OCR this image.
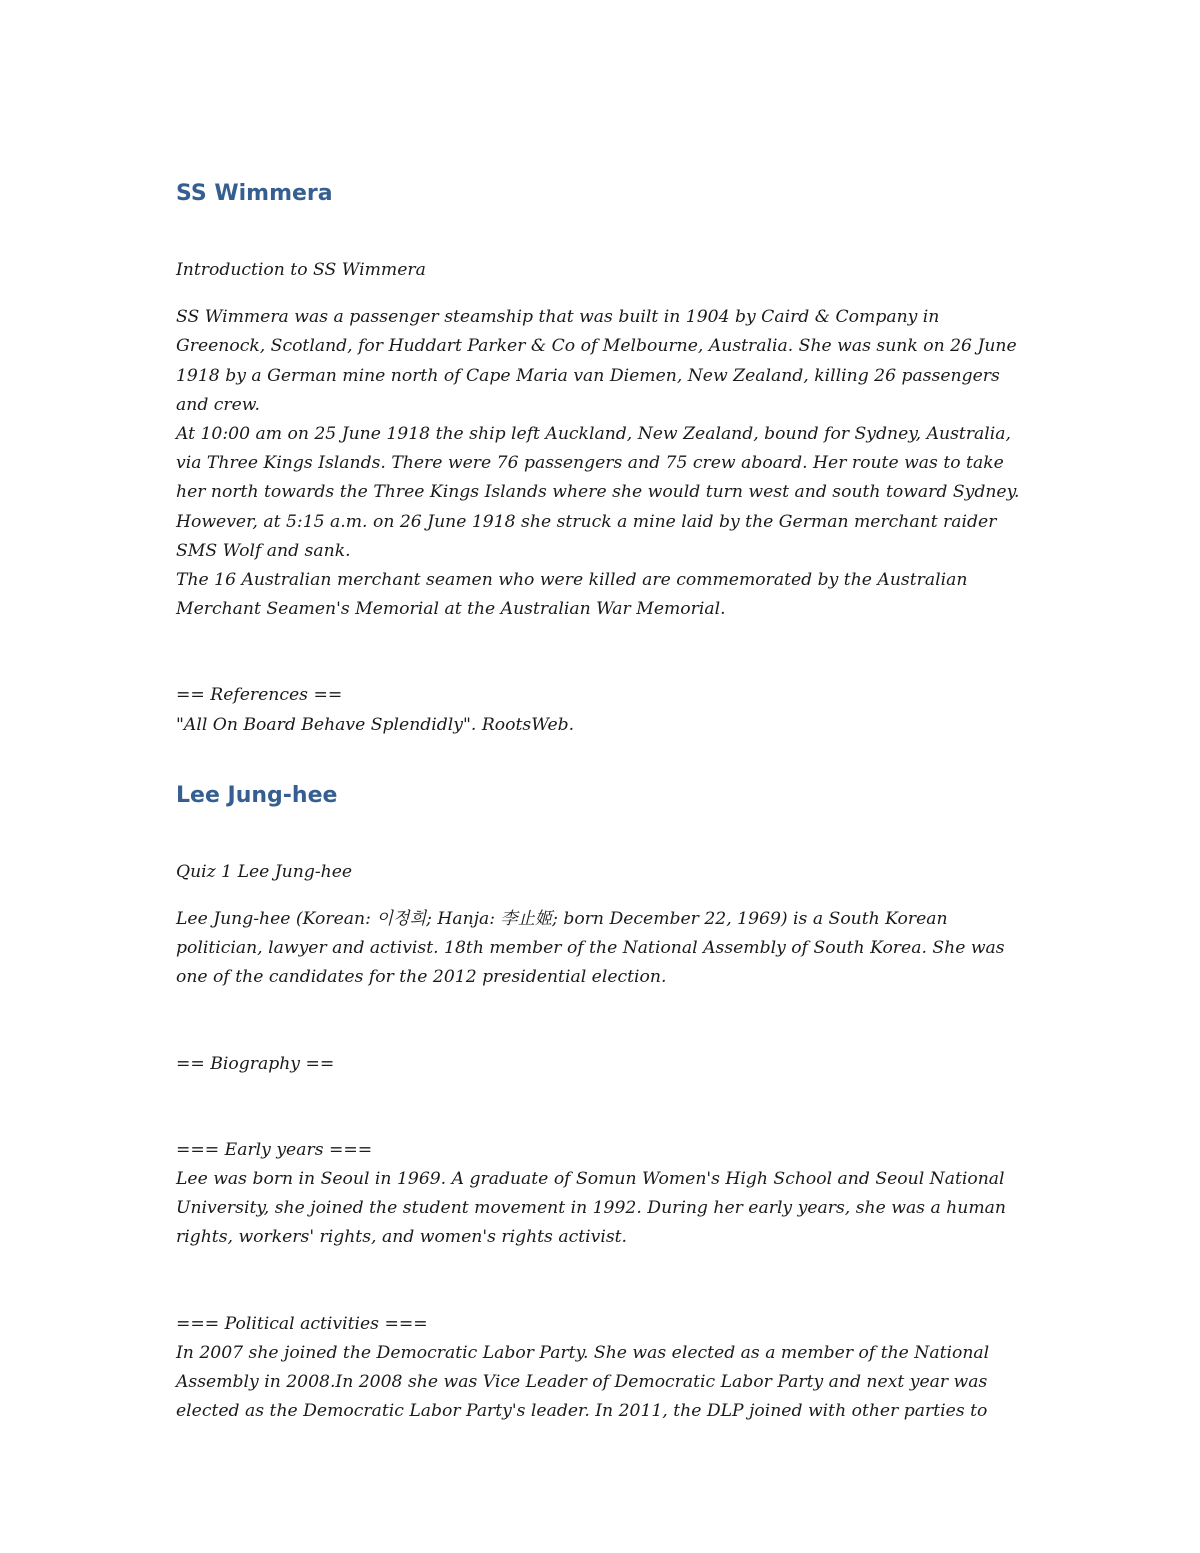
SS Wimmera

Introduction to SS Wimmera

SS Wimmera was a passenger steamship that was built in 1904 by Caird & Company in Greenock, Scotland, for Huddart Parker & Co of Melbourne, Australia. She was sunk on 26 June 1918 by a German mine north of Cape Maria van Diemen, New Zealand, killing 26 passengers and crew.

At 10:00 am on 25 June 1918 the ship left Auckland, New Zealand, bound for Sydney, Australia, via Three Kings Islands. There were 76 passengers and 75 crew aboard. Her route was to take her north towards the Three Kings Islands where she would turn west and south toward Sydney. However, at 5:15 a.m. on 26 June 1918 she struck a mine laid by the German merchant raider SMS Wolf and sank.

The 16 Australian merchant seamen who were killed are commemorated by the Australian Merchant Seamen's Memorial at the Australian War Memorial.

== References ==

"All On Board Behave Splendidly". RootsWeb.

Lee Jung-hee

Quiz 1 Lee Jung-hee

Lee Jung-hee (Korean: 이정희; Hanja: 李止姬; born December 22, 1969) is a South Korean politician, lawyer and activist. 18th member of the National Assembly of South Korea. She was one of the candidates for the 2012 presidential election.

== Biography ==

=== Early years ===

Lee was born in Seoul in 1969. A graduate of Somun Women's High School and Seoul National University, she joined the student movement in 1992. During her early years, she was a human rights, workers' rights, and women's rights activist.

=== Political activities ===

In 2007 she joined the Democratic Labor Party. She was elected as a member of the National Assembly in 2008.In 2008 she was Vice Leader of Democratic Labor Party and next year was elected as the Democratic Labor Party's leader. In 2011, the DLP joined with other parties to
